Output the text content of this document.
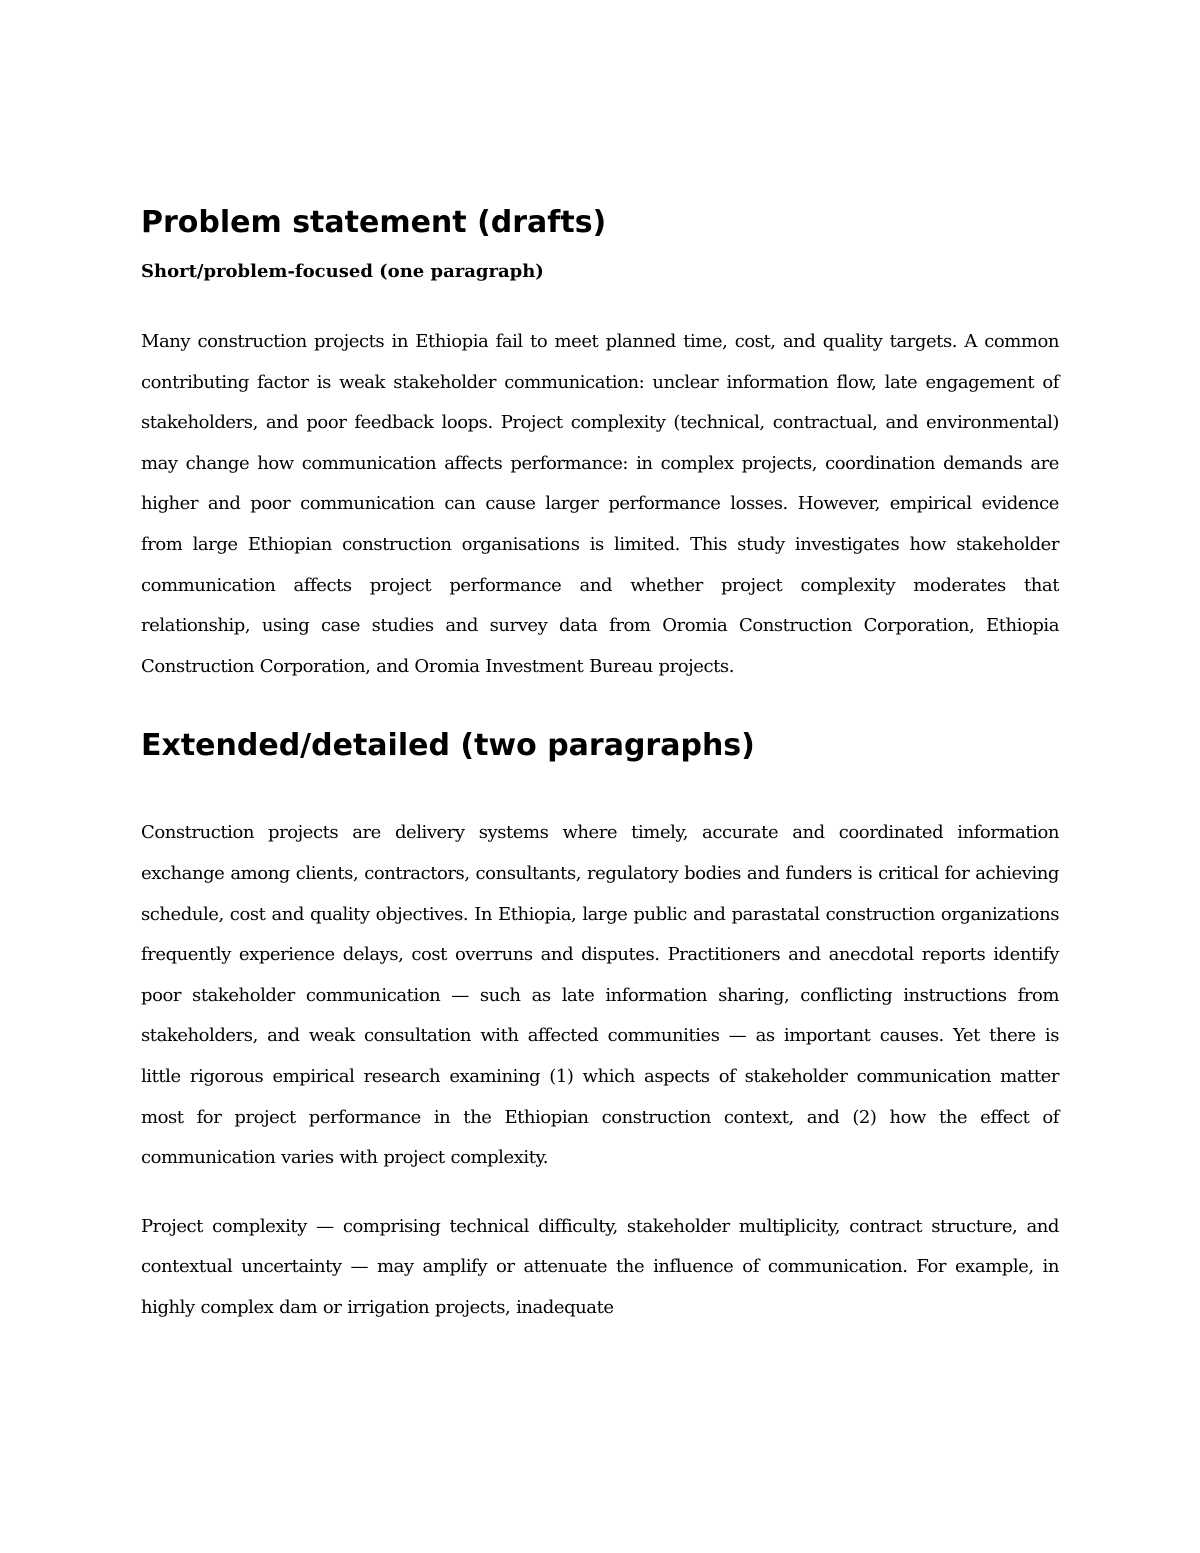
Problem statement (drafts)
Short/problem-focused (one paragraph)

Many construction projects in Ethiopia fail to meet planned time, cost, and quality targets. A common contributing factor is weak stakeholder communication: unclear information flow, late engagement of stakeholders, and poor feedback loops. Project complexity (technical, contractual, and environmental) may change how communication affects performance: in complex projects, coordination demands are higher and poor communication can cause larger performance losses. However, empirical evidence from large Ethiopian construction organisations is limited. This study investigates how stakeholder communication affects project performance and whether project complexity moderates that relationship, using case studies and survey data from Oromia Construction Corporation, Ethiopia Construction Corporation, and Oromia Investment Bureau projects.

Extended/detailed (two paragraphs)

Construction projects are delivery systems where timely, accurate and coordinated information exchange among clients, contractors, consultants, regulatory bodies and funders is critical for achieving schedule, cost and quality objectives. In Ethiopia, large public and parastatal construction organizations frequently experience delays, cost overruns and disputes. Practitioners and anecdotal reports identify poor stakeholder communication — such as late information sharing, conflicting instructions from stakeholders, and weak consultation with affected communities — as important causes. Yet there is little rigorous empirical research examining (1) which aspects of stakeholder communication matter most for project performance in the Ethiopian construction context, and (2) how the effect of communication varies with project complexity.

Project complexity — comprising technical difficulty, stakeholder multiplicity, contract structure, and contextual uncertainty — may amplify or attenuate the influence of communication. For example, in highly complex dam or irrigation projects, inadequate
